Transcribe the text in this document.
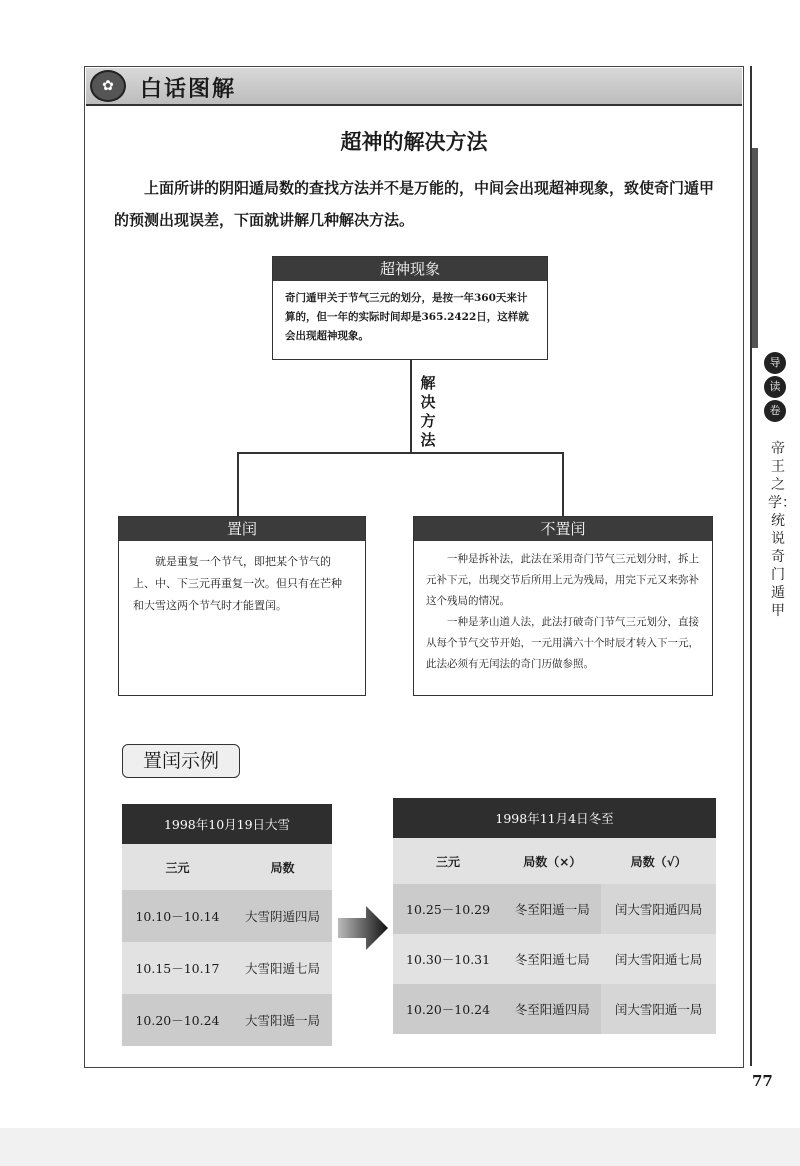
✿	白话图解
超神的解决方法
上面所讲的阴阳遁局数的查找方法并不是万能的，中间会出现超神现象，致使奇门遁甲的预测出现误差，下面就讲解几种解决方法。
超神现象
奇门遁甲关于节气三元的划分，是按一年360天来计算的，但一年的实际时间却是365.2422日，这样就会出现超神现象。
解决方法
置闰

就是重复一个节气，即把某个节气的上、中、下三元再重复一次。但只有在芒种和大雪这两个节气时才能置闰。

不置闰

一种是拆补法，此法在采用奇门节气三元划分时，拆上元补下元，出现交节后所用上元为残局，用完下元又来弥补这个残局的情况。

一种是茅山道人法，此法打破奇门节气三元划分，直接从每个节气交节开始，一元用满六十个时辰才转入下一元，此法必须有无闰法的奇门历做参照。

置闰示例
1998年10月19日大雪	
三元	局数
10.10－10.14	大雪阴遁四局
10.15－10.17	大雪阳遁七局
10.20－10.24	大雪阳遁一局
1998年11月4日冬至		
三元	局数（×）	局数（√）
10.25－10.29	冬至阳遁一局	闰大雪阳遁四局
10.30－10.31	冬至阳遁七局	闰大雪阳遁七局
10.20－10.24	冬至阳遁四局	闰大雪阳遁一局
导
读
卷
帝王之学：统说奇门遁甲
77
